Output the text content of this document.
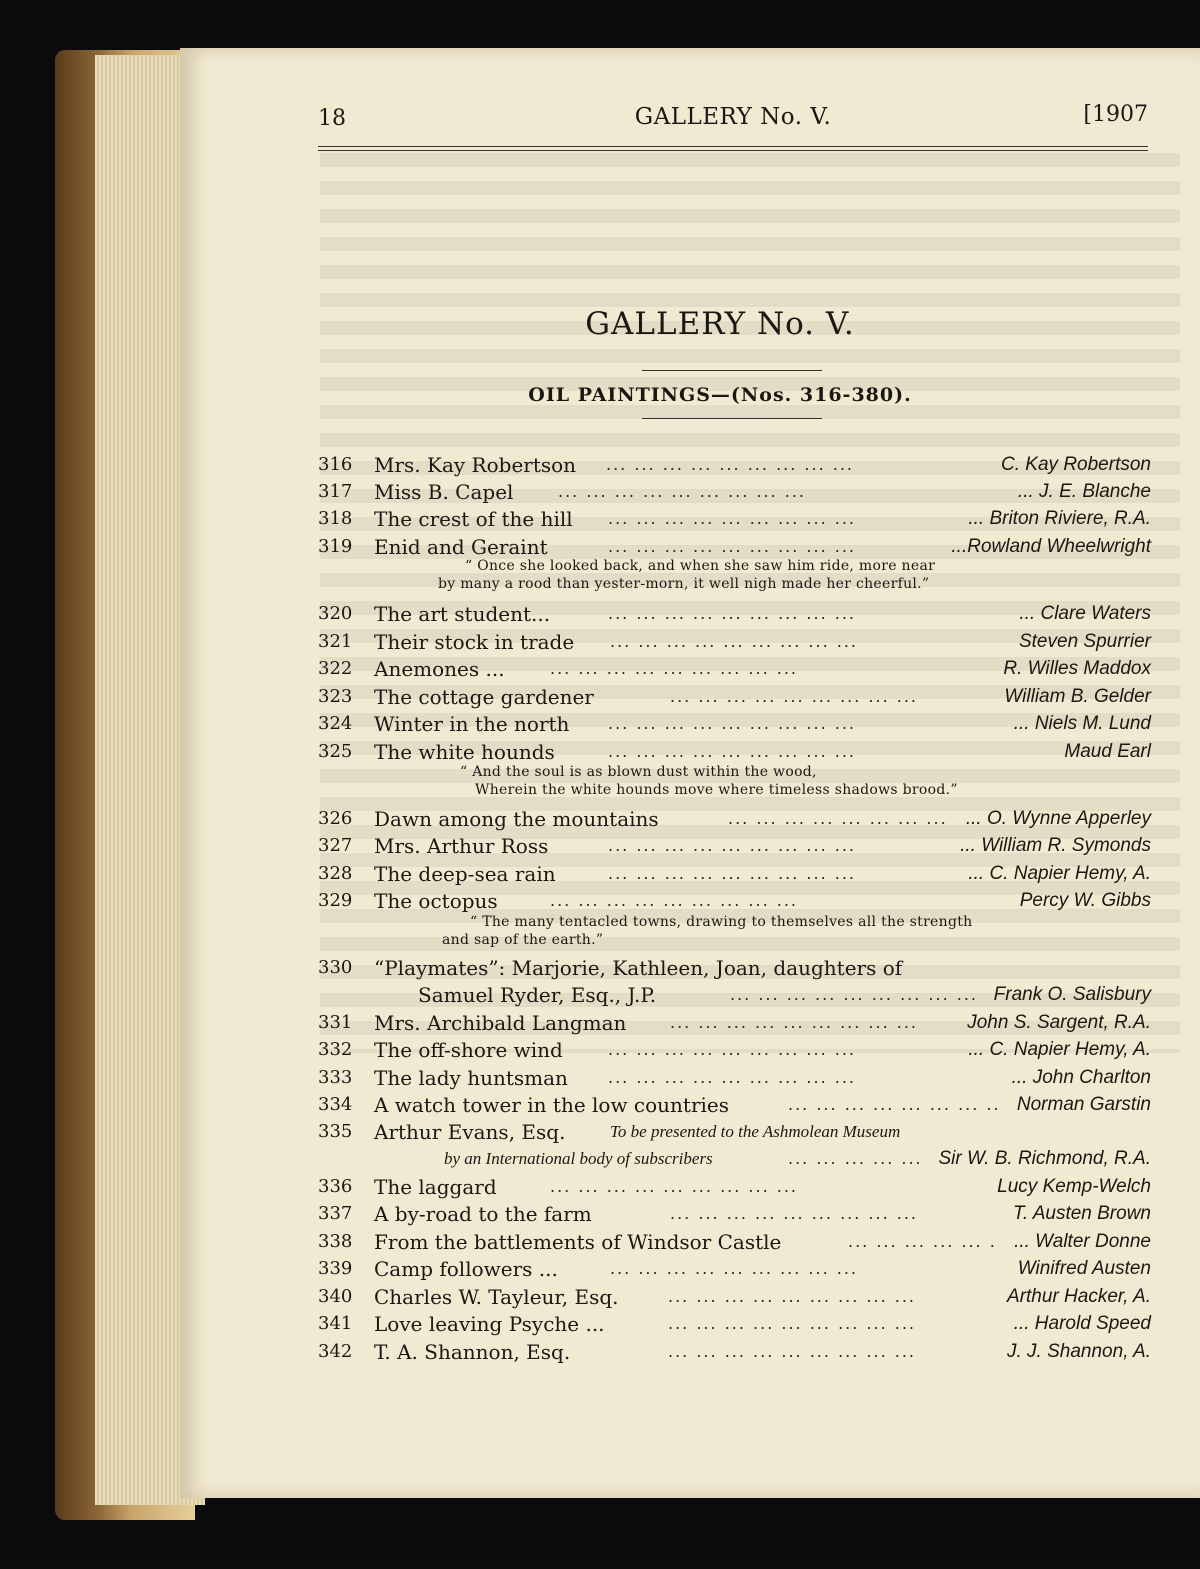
18	GALLERY No. V.	[1907
GALLERY No. V.
OIL PAINTINGS—(Nos. 316-380).
316	Mrs. Kay Robertson ... ... ... ... ... ... ... ... ...	C. Kay Robertson
317	Miss B. Capel	... ... ... ... ... ... ... ... ...	... J. E. Blanche
318	The crest of the hill ... ... ... ... ... ... ... ... ...	... Briton Riviere, R.A.
319	Enid and Geraint	... ... ... ... ... ... ... ... ...	...Rowland Wheelwright
“ Once she looked back, and when she saw him ride, more near
by many a rood than yester-morn, it well nigh made her cheerful.”
320	The art student...	... ... ... ... ... ... ... ... ...	... Clare Waters
321	Their stock in trade ... ... ... ... ... ... ... ... ...	Steven Spurrier
322	Anemones ...	... ... ... ... ... ... ... ... ...	R. Willes Maddox
323	The cottage gardener	... ... ... ... ... ... ... ... ...	William B. Gelder
324	Winter in the north ... ... ... ... ... ... ... ... ...	... Niels M. Lund
325	The white hounds	... ... ... ... ... ... ... ... ...	Maud Earl
“ And the soul is as blown dust within the wood,
Wherein the white hounds move where timeless shadows brood.”
326	Dawn among the mountains	... ... ... ... ... ... ... ... ... O. Wynne Apperley
327	Mrs. Arthur Ross	... ... ... ... ... ... ... ... ...	... William R. Symonds
328	The deep-sea rain	... ... ... ... ... ... ... ... ...	... C. Napier Hemy, A.
329	The octopus	... ... ... ... ... ... ... ... ...	Percy W. Gibbs
“ The many tentacled towns, drawing to themselves all the strength
and sap of the earth.”
330	“Playmates”: Marjorie, Kathleen, Joan, daughters of
Samuel Ryder, Esq., J.P.	... ... ... ... ... ... ... ... ... Frank O. Salisbury
331	Mrs. Archibald Langman	... ... ... ... ... ... ... ... ...	John S. Sargent, R.A.
332	The off-shore wind	... ... ... ... ... ... ... ... ...	... C. Napier Hemy, A.
333	The lady huntsman	... ... ... ... ... ... ... ... ...	... John Charlton
334	A watch tower in the low countries	... ... ... ... ... ... ... .. Norman Garstin
335	Arthur Evans, Esq.	To be presented to the Ashmolean Museum
by an International body of subscribers	... ... ... ... ... Sir W. B. Richmond, R.A.
336	The laggard	... ... ... ... ... ... ... ... ...	Lucy Kemp-Welch
337	A by-road to the farm	... ... ... ... ... ... ... ... ...	T. Austen Brown
338	From the battlements of Windsor Castle	... ... ... ... ... . ... Walter Donne
339	Camp followers ...	... ... ... ... ... ... ... ... ...	Winifred Austen
340	Charles W. Tayleur, Esq.	... ... ... ... ... ... ... ... ...	Arthur Hacker, A.
341	Love leaving Psyche ...	... ... ... ... ... ... ... ... ...	... Harold Speed
342	T. A. Shannon, Esq.	... ... ... ... ... ... ... ... ...	J. J. Shannon, A.
